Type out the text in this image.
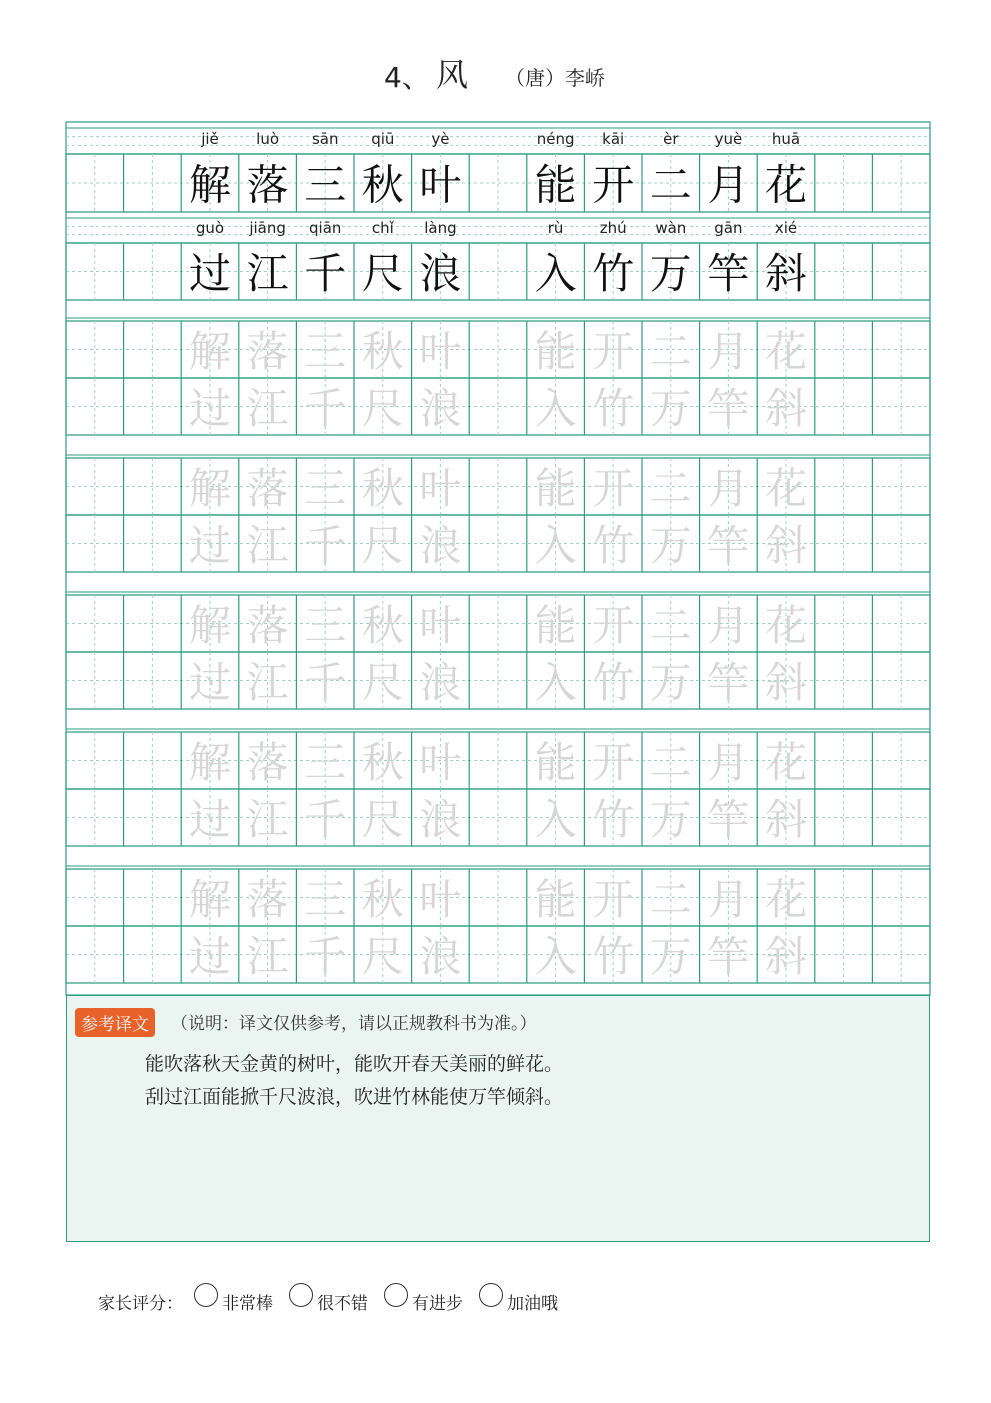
4、 风 （唐）李峤
jiě luò sān qiū yè	néng kāi	èr yuè huā
guò jiāng qiān chǐ làng	rù zhú wàn gān xié
解 落 三 秋 叶 能 开 二 月 花
过 江 千 尺 浪 入 竹 万 竿 斜
解 落 三 秋 叶 能 开 二 月 花
过 江 千 尺 浪 入 竹 万 竿 斜
解 落 三 秋 叶 能 开 二 月 花
过 江 千 尺 浪 入 竹 万 竿 斜
解 落 三 秋 叶 能 开 二 月 花
过 江 千 尺 浪 入 竹 万 竿 斜
解 落 三 秋 叶 能 开 二 月 花
过 江 千 尺 浪 入 竹 万 竿 斜
解 落 三 秋 叶 能 开 二 月 花
过 江 千 尺 浪 入 竹 万 竿 斜
参考译文	（说明：译文仅供参考，请以正规教科书为准。）
能吹落秋天金黄的树叶，能吹开春天美丽的鲜花。
刮过江面能掀千尺波浪，吹进竹林能使万竿倾斜。
家长评分：	非常棒	很不错	有进步	加油哦
